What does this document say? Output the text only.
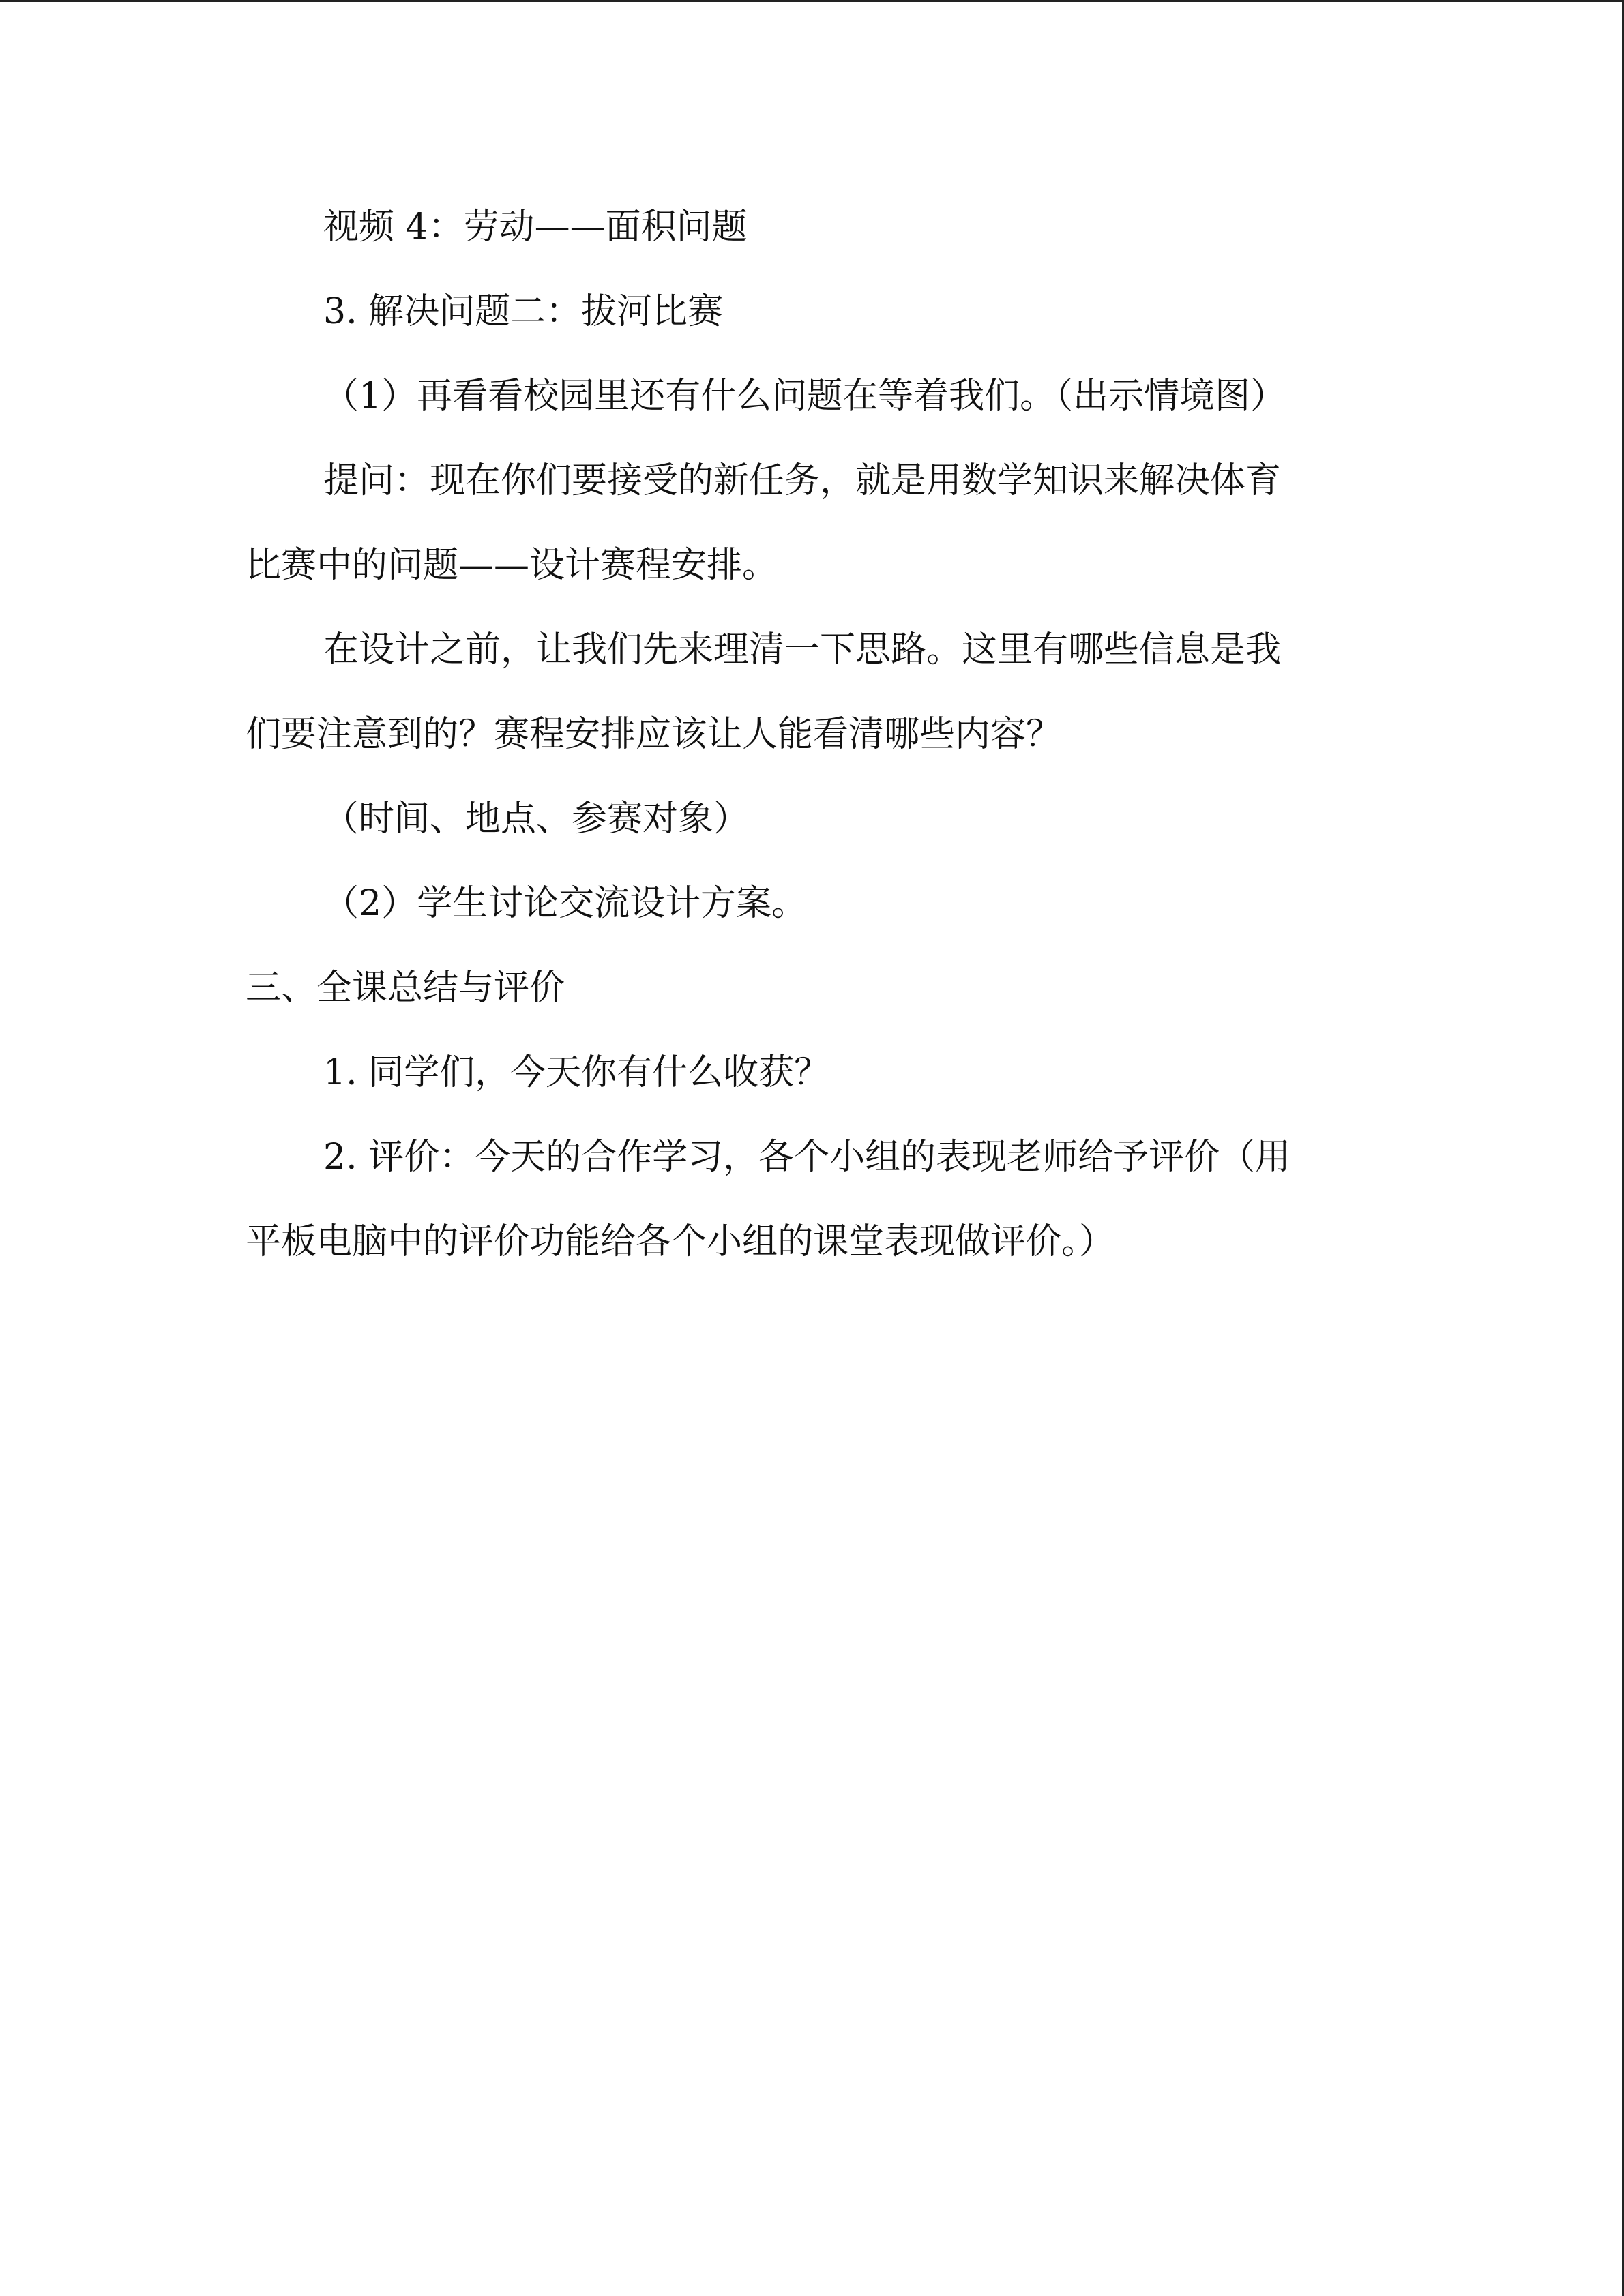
视频 4：劳动——面积问题
3. 解决问题二：拔河比赛
（1）再看看校园里还有什么问题在等着我们。（出示情境图）
提问：现在你们要接受的新任务，就是用数学知识来解决体育
比赛中的问题——设计赛程安排。
在设计之前，让我们先来理清一下思路。这里有哪些信息是我
们要注意到的？赛程安排应该让人能看清哪些内容？
（时间、地点、参赛对象）
（2）学生讨论交流设计方案。
三、全课总结与评价
1. 同学们，今天你有什么收获？
2. 评价：今天的合作学习，各个小组的表现老师给予评价（用
平板电脑中的评价功能给各个小组的课堂表现做评价。）
